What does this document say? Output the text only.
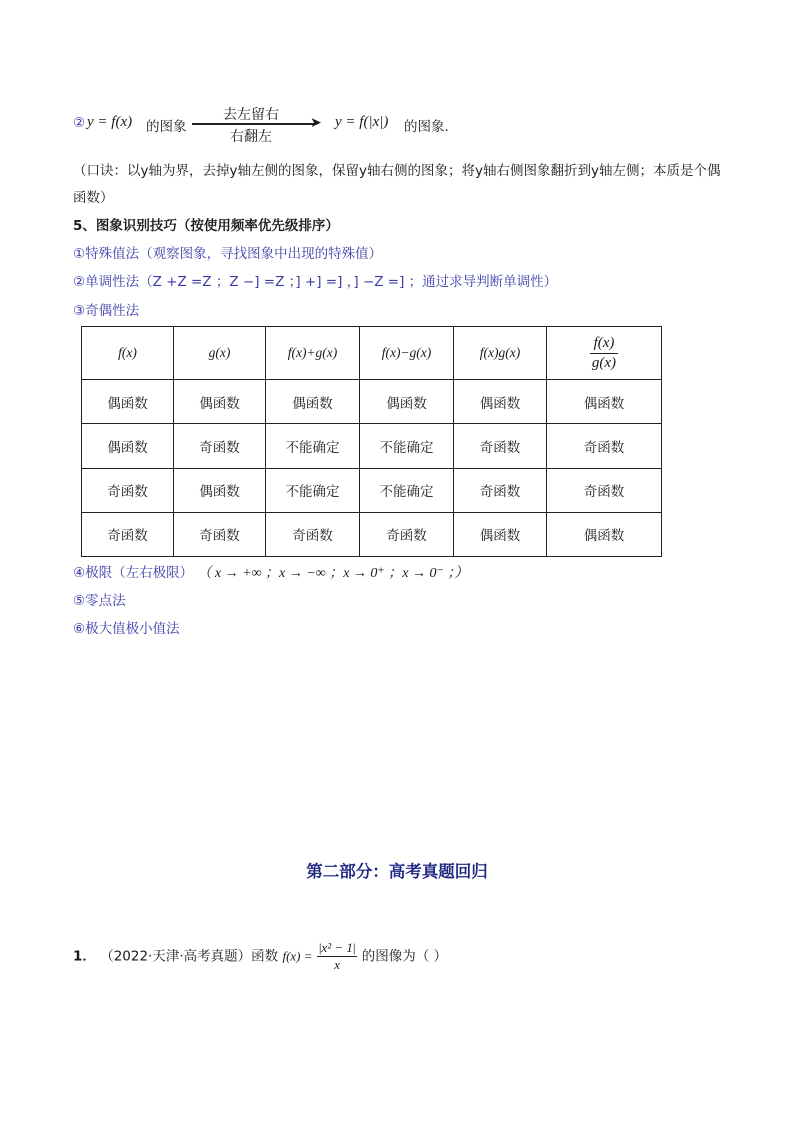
② y = f(x) 的图象
去左留右	➤
右翻左
y = f(|x|) 的图象.
（口诀：以y轴为界，去掉y轴左侧的图象，保留y轴右侧的图象；将y轴右侧图象翻折到y轴左侧；本质是个偶函数）
5、图象识别技巧（按使用频率优先级排序）
①特殊值法（观察图象，寻找图象中出现的特殊值）
②单调性法（Z +Z =Z ；Z −] =Z ；] +] =] ，] −Z =] ；通过求导判断单调性）
③奇偶性法
f(x)	g(x)	f(x)+g(x)	f(x)−g(x)	f(x)g(x)	$\frac{f(x)}{g(x)}$

偶函数	偶函数	偶函数	偶函数	偶函数	偶函数
偶函数	奇函数	不能确定	不能确定	奇函数	奇函数
奇函数	偶函数	不能确定	不能确定	奇函数	奇函数
奇函数	奇函数	奇函数	奇函数	偶函数	偶函数
④极限（左右极限） （ x → +∞ ；x → −∞ ；x → 0⁺ ；x → 0⁻ ；）
⑤零点法
⑥极大值极小值法
第二部分：高考真题回归
1． （2022·天津·高考真题）函数 $f(x) = \frac{\text{|x² − 1|}}{x}$ 的图像为（ ）
